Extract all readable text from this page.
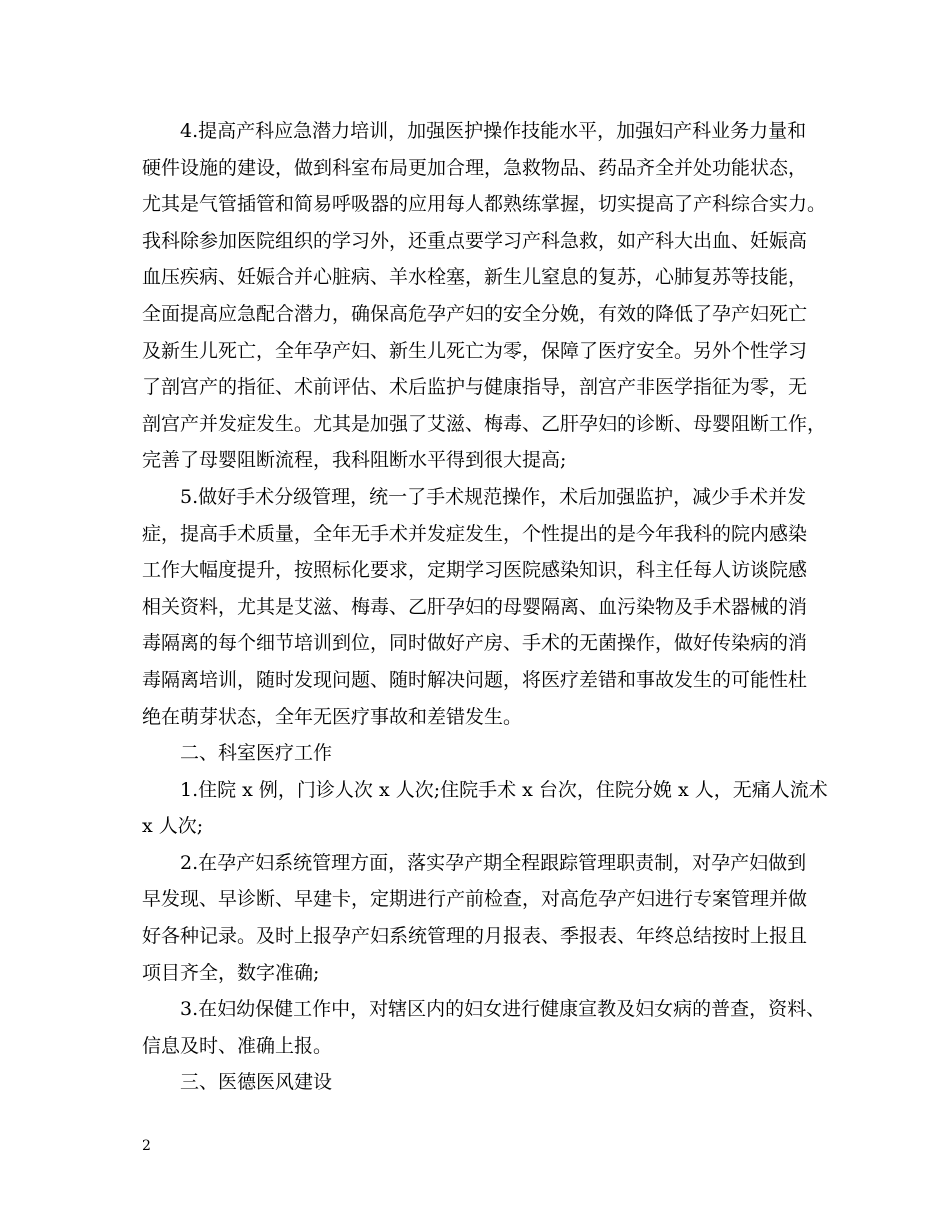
4.提高产科应急潜力培训，加强医护操作技能水平，加强妇产科业务力量和
硬件设施的建设，做到科室布局更加合理，急救物品、药品齐全并处功能状态，
尤其是气管插管和简易呼吸器的应用每人都熟练掌握，切实提高了产科综合实力。
我科除参加医院组织的学习外，还重点要学习产科急救，如产科大出血、妊娠高
血压疾病、妊娠合并心脏病、羊水栓塞，新生儿窒息的复苏，心肺复苏等技能，
全面提高应急配合潜力，确保高危孕产妇的安全分娩，有效的降低了孕产妇死亡
及新生儿死亡，全年孕产妇、新生儿死亡为零，保障了医疗安全。另外个性学习
了剖宫产的指征、术前评估、术后监护与健康指导，剖宫产非医学指征为零，无
剖宫产并发症发生。尤其是加强了艾滋、梅毒、乙肝孕妇的诊断、母婴阻断工作，
完善了母婴阻断流程，我科阻断水平得到很大提高;

5.做好手术分级管理，统一了手术规范操作，术后加强监护，减少手术并发
症，提高手术质量，全年无手术并发症发生，个性提出的是今年我科的院内感染
工作大幅度提升，按照标化要求，定期学习医院感染知识，科主任每人访谈院感
相关资料，尤其是艾滋、梅毒、乙肝孕妇的母婴隔离、血污染物及手术器械的消
毒隔离的每个细节培训到位，同时做好产房、手术的无菌操作，做好传染病的消
毒隔离培训，随时发现问题、随时解决问题，将医疗差错和事故发生的可能性杜
绝在萌芽状态，全年无医疗事故和差错发生。

二、科室医疗工作

1.住院 x 例，门诊人次 x 人次;住院手术 x 台次，住院分娩 x 人，无痛人流术
x 人次;

2.在孕产妇系统管理方面，落实孕产期全程跟踪管理职责制，对孕产妇做到
早发现、早诊断、早建卡，定期进行产前检查，对高危孕产妇进行专案管理并做
好各种记录。及时上报孕产妇系统管理的月报表、季报表、年终总结按时上报且
项目齐全，数字准确;

3.在妇幼保健工作中，对辖区内的妇女进行健康宣教及妇女病的普查，资料、
信息及时、准确上报。

三、医德医风建设

2
